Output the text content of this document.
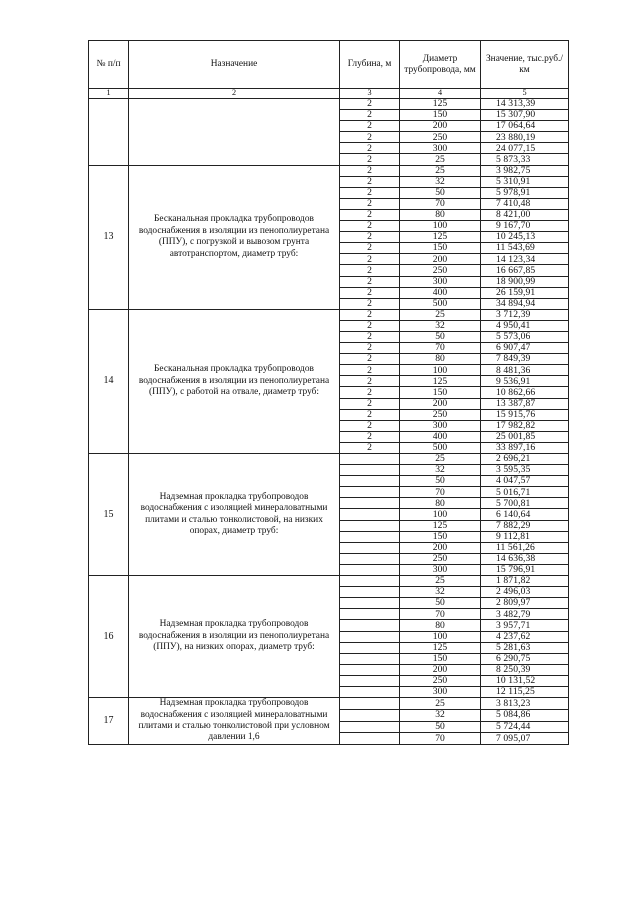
№ п/п	Назначение	Глубина, м	Диаметр трубопровода, мм	Значение, тыс.руб./км
1	2	3	4	5
		2	125	14 313,39
		2	150	15 307,90
		2	200	17 064,64
		2	250	23 880,19
		2	300	24 077,15
		2	25	5 873,33
13	Бесканальная прокладка трубопроводов водоснабжения в изоляции из пенополиуретана (ППУ), с погрузкой и вывозом грунта автотранспортом, диаметр труб:	2	25	3 982,75
		2	32	5 310,91
		2	50	5 978,91
		2	70	7 410,48
		2	80	8 421,00
		2	100	9 167,70
		2	125	10 245,13
		2	150	11 543,69
		2	200	14 123,34
		2	250	16 667,85
		2	300	18 900,99
		2	400	26 159,91
		2	500	34 894,94
14	Бесканальная прокладка трубопроводов водоснабжения в изоляции из пенополиуретана (ППУ), с работой на отвале, диаметр труб:	2	25	3 712,39
		2	32	4 950,41
		2	50	5 573,06
		2	70	6 907,47
		2	80	7 849,39
		2	100	8 481,36
		2	125	9 536,91
		2	150	10 862,66
		2	200	13 387,87
		2	250	15 915,76
		2	300	17 982,82
		2	400	25 001,85
		2	500	33 897,16
15	Надземная прокладка трубопроводов водоснабжения с изоляцией минераловатными плитами и сталью тонколистовой, на низких опорах, диаметр труб:		25	2 696,21
			32	3 595,35
			50	4 047,57
			70	5 016,71
			80	5 700,81
			100	6 140,64
			125	7 882,29
			150	9 112,81
			200	11 561,26
			250	14 636,38
			300	15 796,91
16	Надземная прокладка трубопроводов водоснабжения в изоляции из пенополиуретана (ППУ), на низких опорах, диаметр труб:		25	1 871,82
			32	2 496,03
			50	2 809,97
			70	3 482,79
			80	3 957,71
			100	4 237,62
			125	5 281,63
			150	6 290,75
			200	8 250,39
			250	10 131,52
			300	12 115,25
17	Надземная прокладка трубопроводов водоснабжения с изоляцией минераловатными плитами и сталью тонколистовой при условном давлении 1,6		25	3 813,23
			32	5 084,86
			50	5 724,44
			70	7 095,07
